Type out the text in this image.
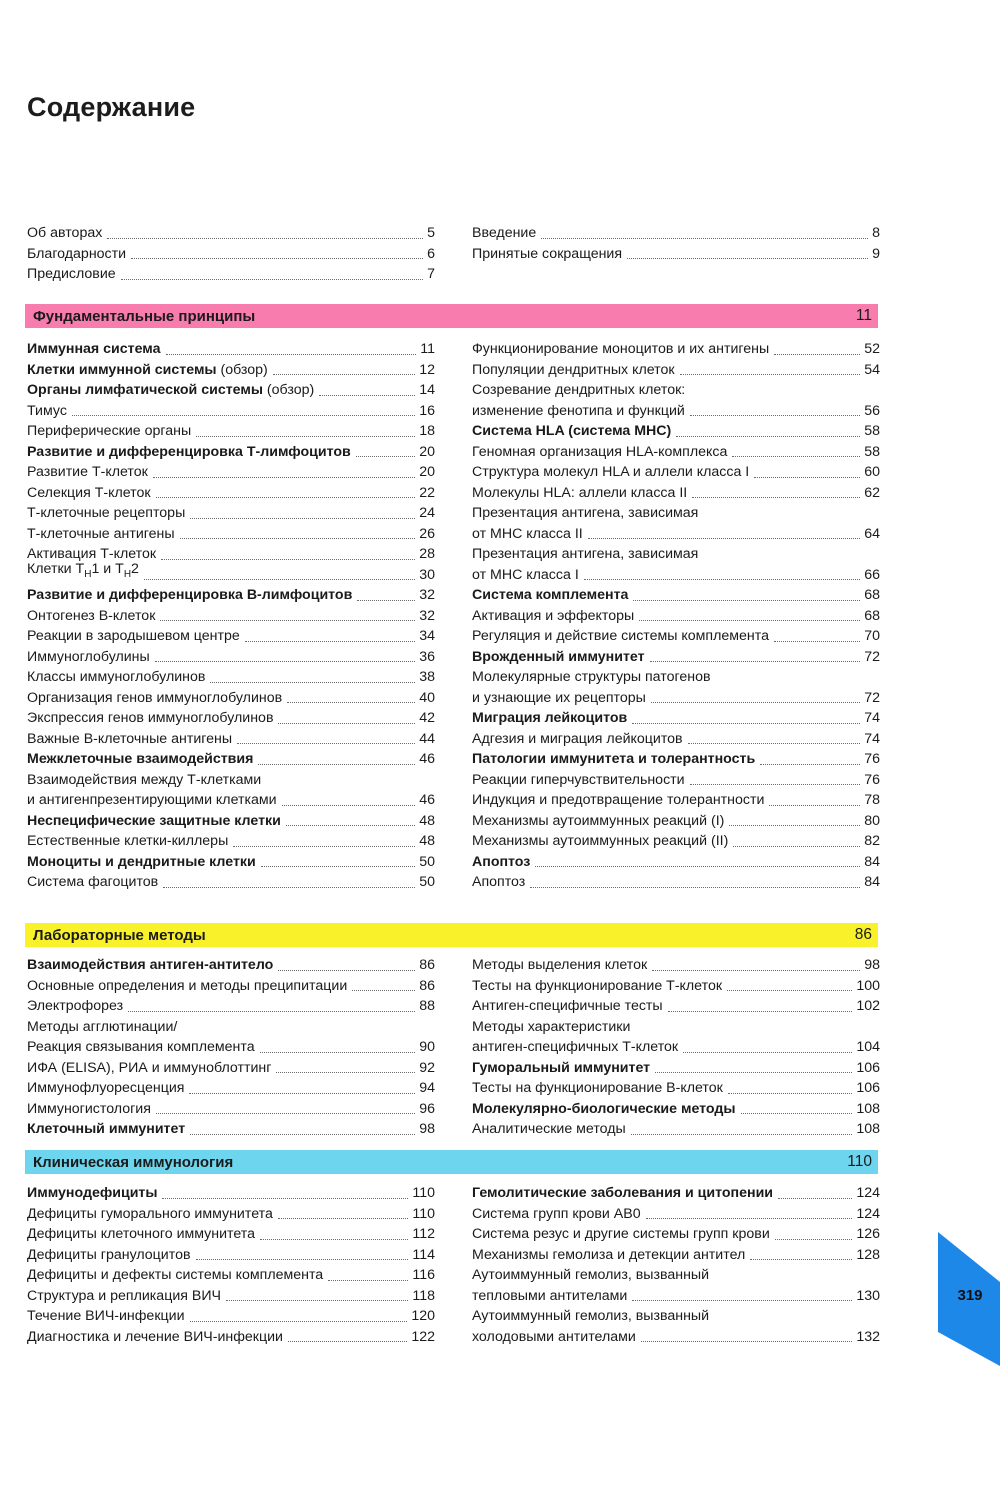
Содержание
Об авторах	5
Благодарности	6
Предисловие	7
Введение	8
Принятые сокращения	9
Фундаментальные принципы	11
Иммунная система	11
Клетки иммунной системы (обзор)	12
Органы лимфатической системы (обзор)	14
Тимус	16
Периферические органы	18
Развитие и дифференцировка Т-лимфоцитов	20
Развитие Т-клеток	20
Селекция Т-клеток	22
Т-клеточные рецепторы	24
Т-клеточные антигены	26
Активация Т-клеток	28
Клетки $T_H1$ и $T_H2$	30
Развитие и дифференцировка В-лимфоцитов	32
Онтогенез В-клеток	32
Реакции в зародышевом центре	34
Иммуноглобулины	36
Классы иммуноглобулинов	38
Организация генов иммуноглобулинов	40
Экспрессия генов иммуноглобулинов	42
Важные В-клеточные антигены	44
Межклеточные взаимодействия	46
Взаимодействия между Т-клетками
и антигенпрезентирующими клетками	46
Неспецифические защитные клетки	48
Естественные клетки-киллеры	48
Моноциты и дендритные клетки	50
Система фагоцитов	50
Функционирование моноцитов и их антигены	52
Популяции дендритных клеток	54
Созревание дендритных клеток:
изменение фенотипа и функций	56
Система HLA (система MHC)	58
Геномная организация HLA-комплекса	58
Структура молекул HLA и аллели класса I	60
Молекулы HLA: аллели класса II	62
Презентация антигена, зависимая
от МНС класса II	64
Презентация антигена, зависимая
от МНС класса I	66
Система комплемента	68
Активация и эффекторы	68
Регуляция и действие системы комплемента	70
Врожденный иммунитет	72
Молекулярные структуры патогенов
и узнающие их рецепторы	72
Миграция лейкоцитов	74
Адгезия и миграция лейкоцитов	74
Патологии иммунитета и толерантность	76
Реакции гиперчувствительности	76
Индукция и предотвращение толерантности	78
Механизмы аутоиммунных реакций (I)	80
Механизмы аутоиммунных реакций (II)	82
Апоптоз	84
Апоптоз	84
Лабораторные методы	86
Взаимодействия антиген-антитело	86
Основные определения и методы преципитации	86
Электрофорез	88
Методы агглютинации/
Реакция связывания комплемента	90
ИФА (ELISA), РИА и иммуноблоттинг	92
Иммунофлуоресценция	94
Иммуногистология	96
Клеточный иммунитет	98
Методы выделения клеток	98
Тесты на функционирование Т-клеток	100
Антиген-специфичные тесты	102
Методы характеристики
антиген-специфичных Т-клеток	104
Гуморальный иммунитет	106
Тесты на функционирование В-клеток	106
Молекулярно-биологические методы	108
Аналитические методы	108
Клиническая иммунология	110
Иммунодефициты	110
Дефициты гуморального иммунитета	110
Дефициты клеточного иммунитета	112
Дефициты гранулоцитов	114
Дефициты и дефекты системы комплемента	116
Структура и репликация ВИЧ	118
Течение ВИЧ-инфекции	120
Диагностика и лечение ВИЧ-инфекции	122
Гемолитические заболевания и цитопении	124
Система групп крови AB0	124
Система резус и другие системы групп крови	126
Механизмы гемолиза и детекции антител	128
Аутоиммунный гемолиз, вызванный
тепловыми антителами	130
Аутоиммунный гемолиз, вызванный
холодовыми антителами	132
319
